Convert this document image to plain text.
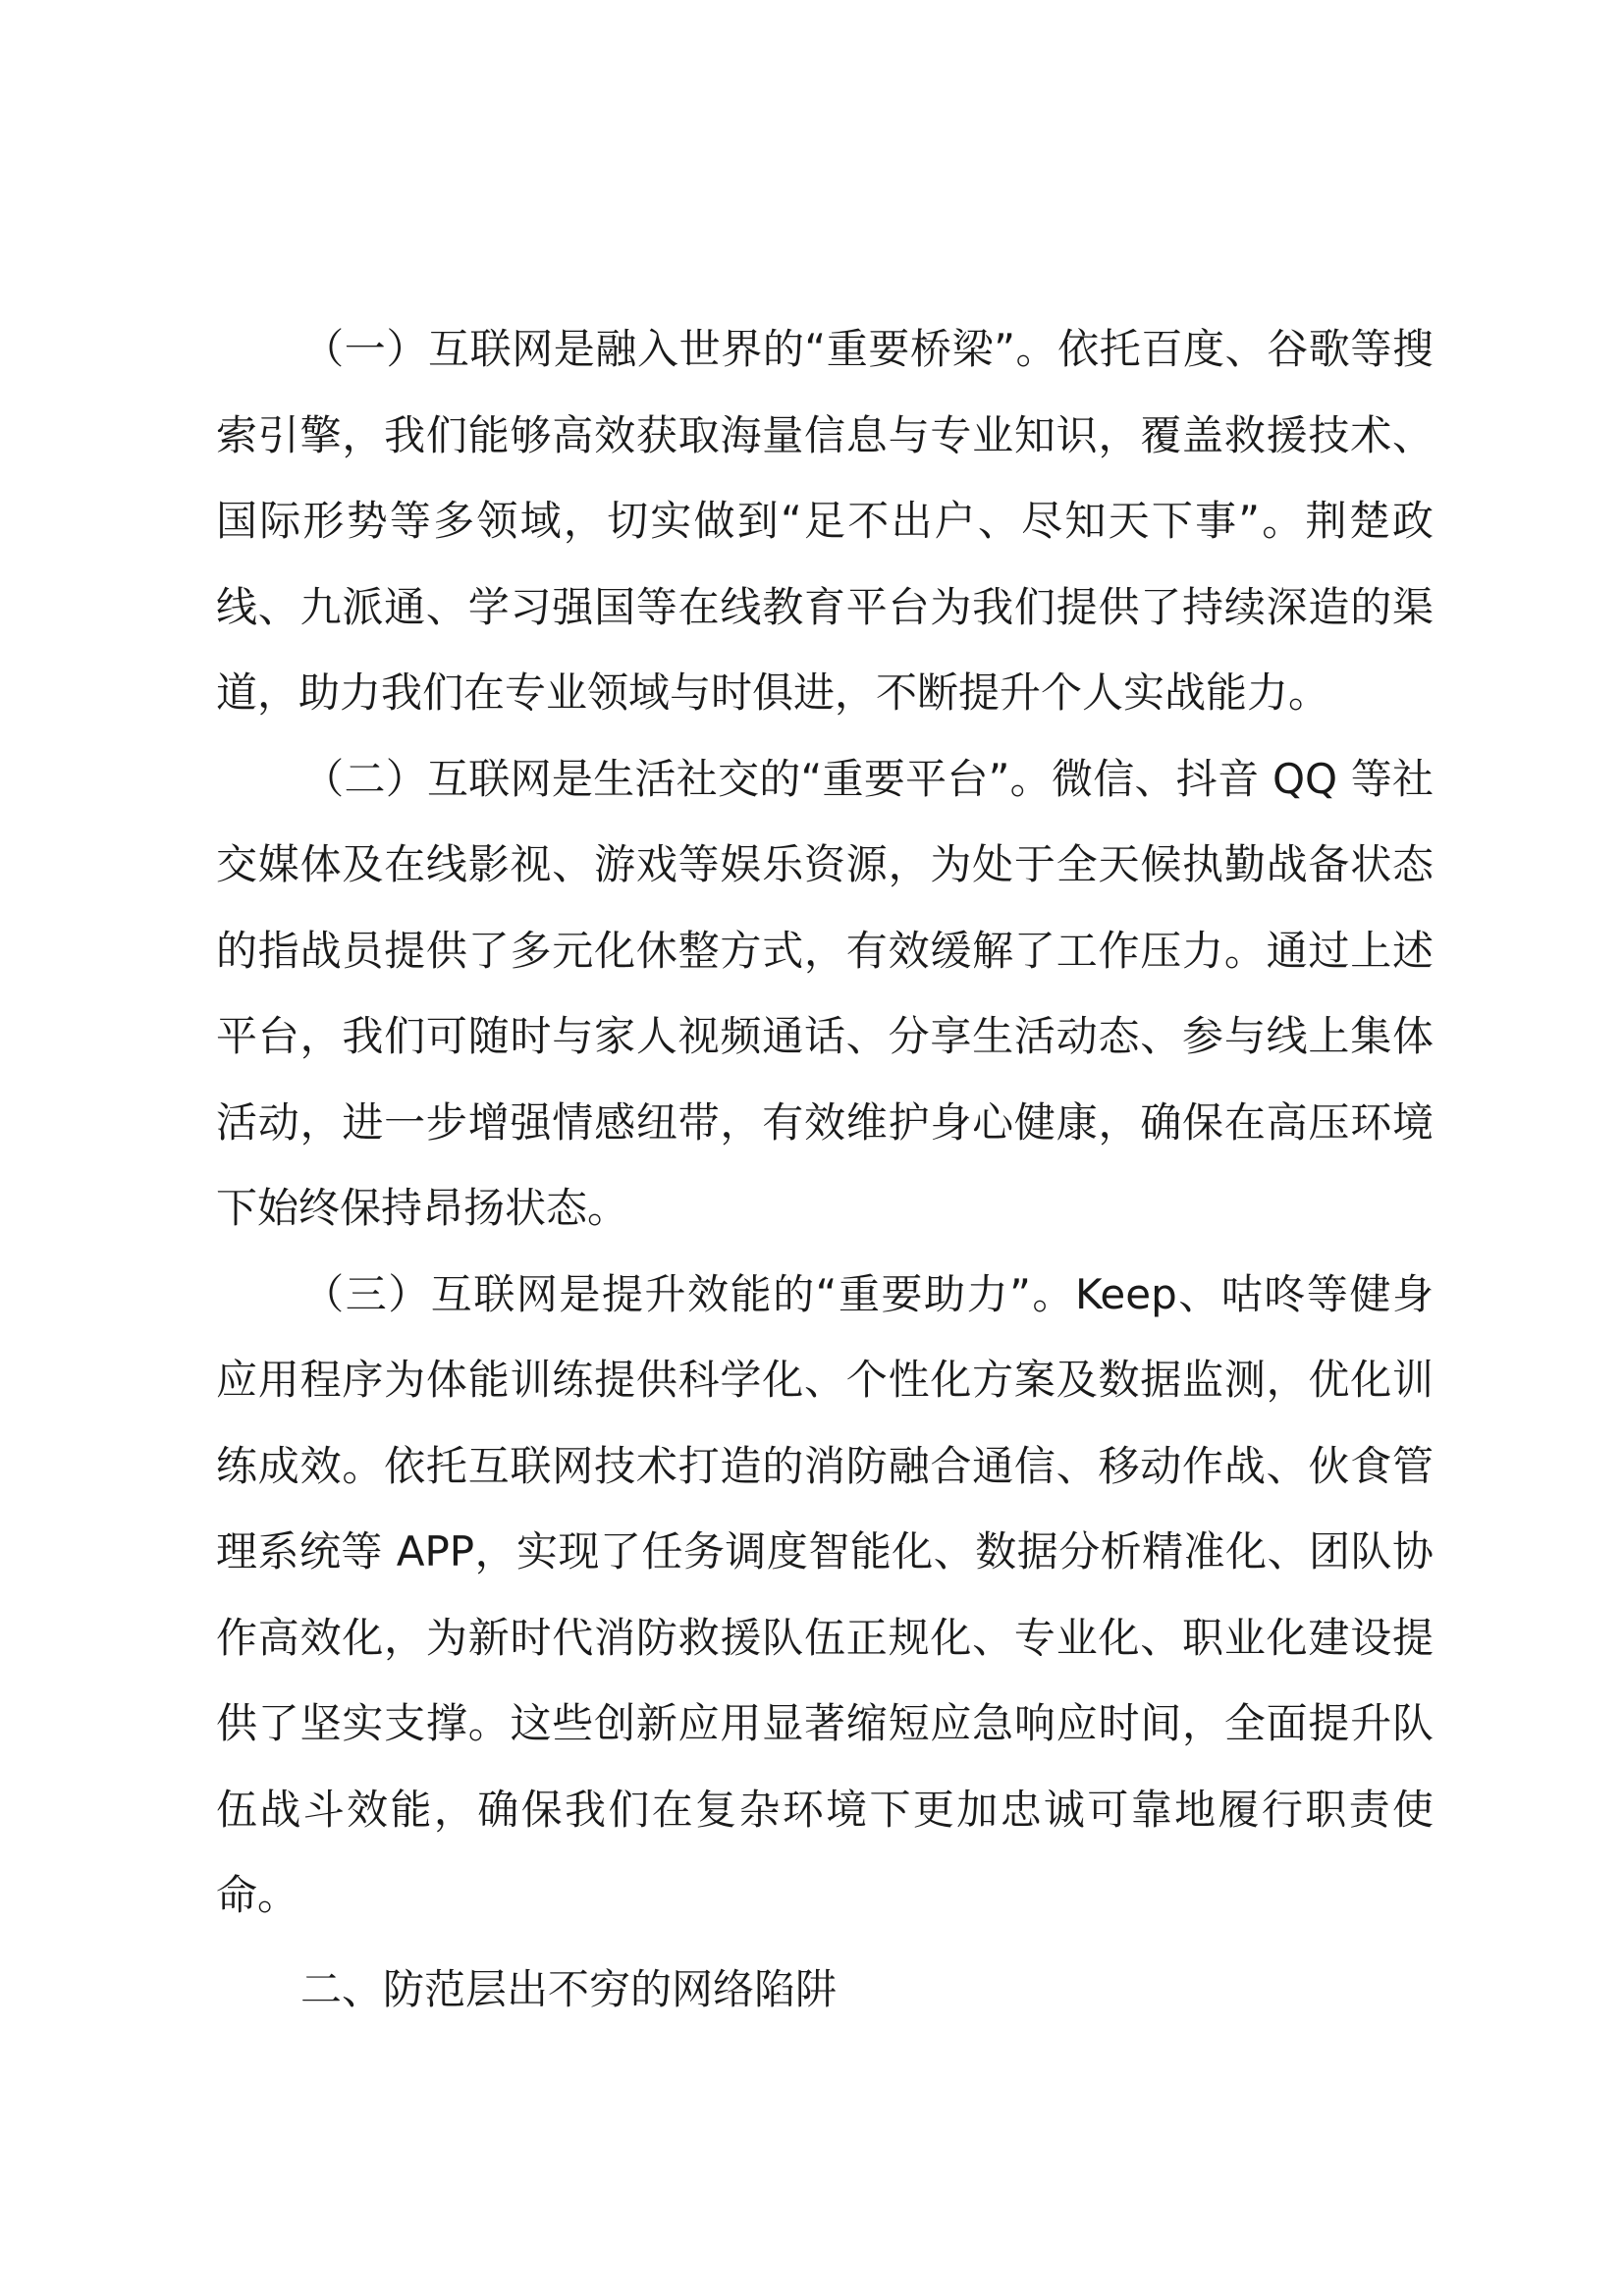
（一）互联网是融入世界的“重要桥梁”。依托百度、谷歌等搜索引擎，我们能够高效获取海量信息与专业知识，覆盖救援技术、国际形势等多领域，切实做到“足不出户、尽知天下事”。荆楚政线、九派通、学习强国等在线教育平台为我们提供了持续深造的渠道，助力我们在专业领域与时俱进，不断提升个人实战能力。

（二）互联网是生活社交的“重要平台”。微信、抖音 QQ 等社交媒体及在线影视、游戏等娱乐资源，为处于全天候执勤战备状态的指战员提供了多元化休整方式，有效缓解了工作压力。通过上述平台，我们可随时与家人视频通话、分享生活动态、参与线上集体活动，进一步增强情感纽带，有效维护身心健康，确保在高压环境下始终保持昂扬状态。

（三）互联网是提升效能的“重要助力”。Keep、咕咚等健身应用程序为体能训练提供科学化、个性化方案及数据监测，优化训练成效。依托互联网技术打造的消防融合通信、移动作战、伙食管理系统等 APP，实现了任务调度智能化、数据分析精准化、团队协作高效化，为新时代消防救援队伍正规化、专业化、职业化建设提供了坚实支撑。这些创新应用显著缩短应急响应时间，全面提升队伍战斗效能，确保我们在复杂环境下更加忠诚可靠地履行职责使命。

二、防范层出不穷的网络陷阱
